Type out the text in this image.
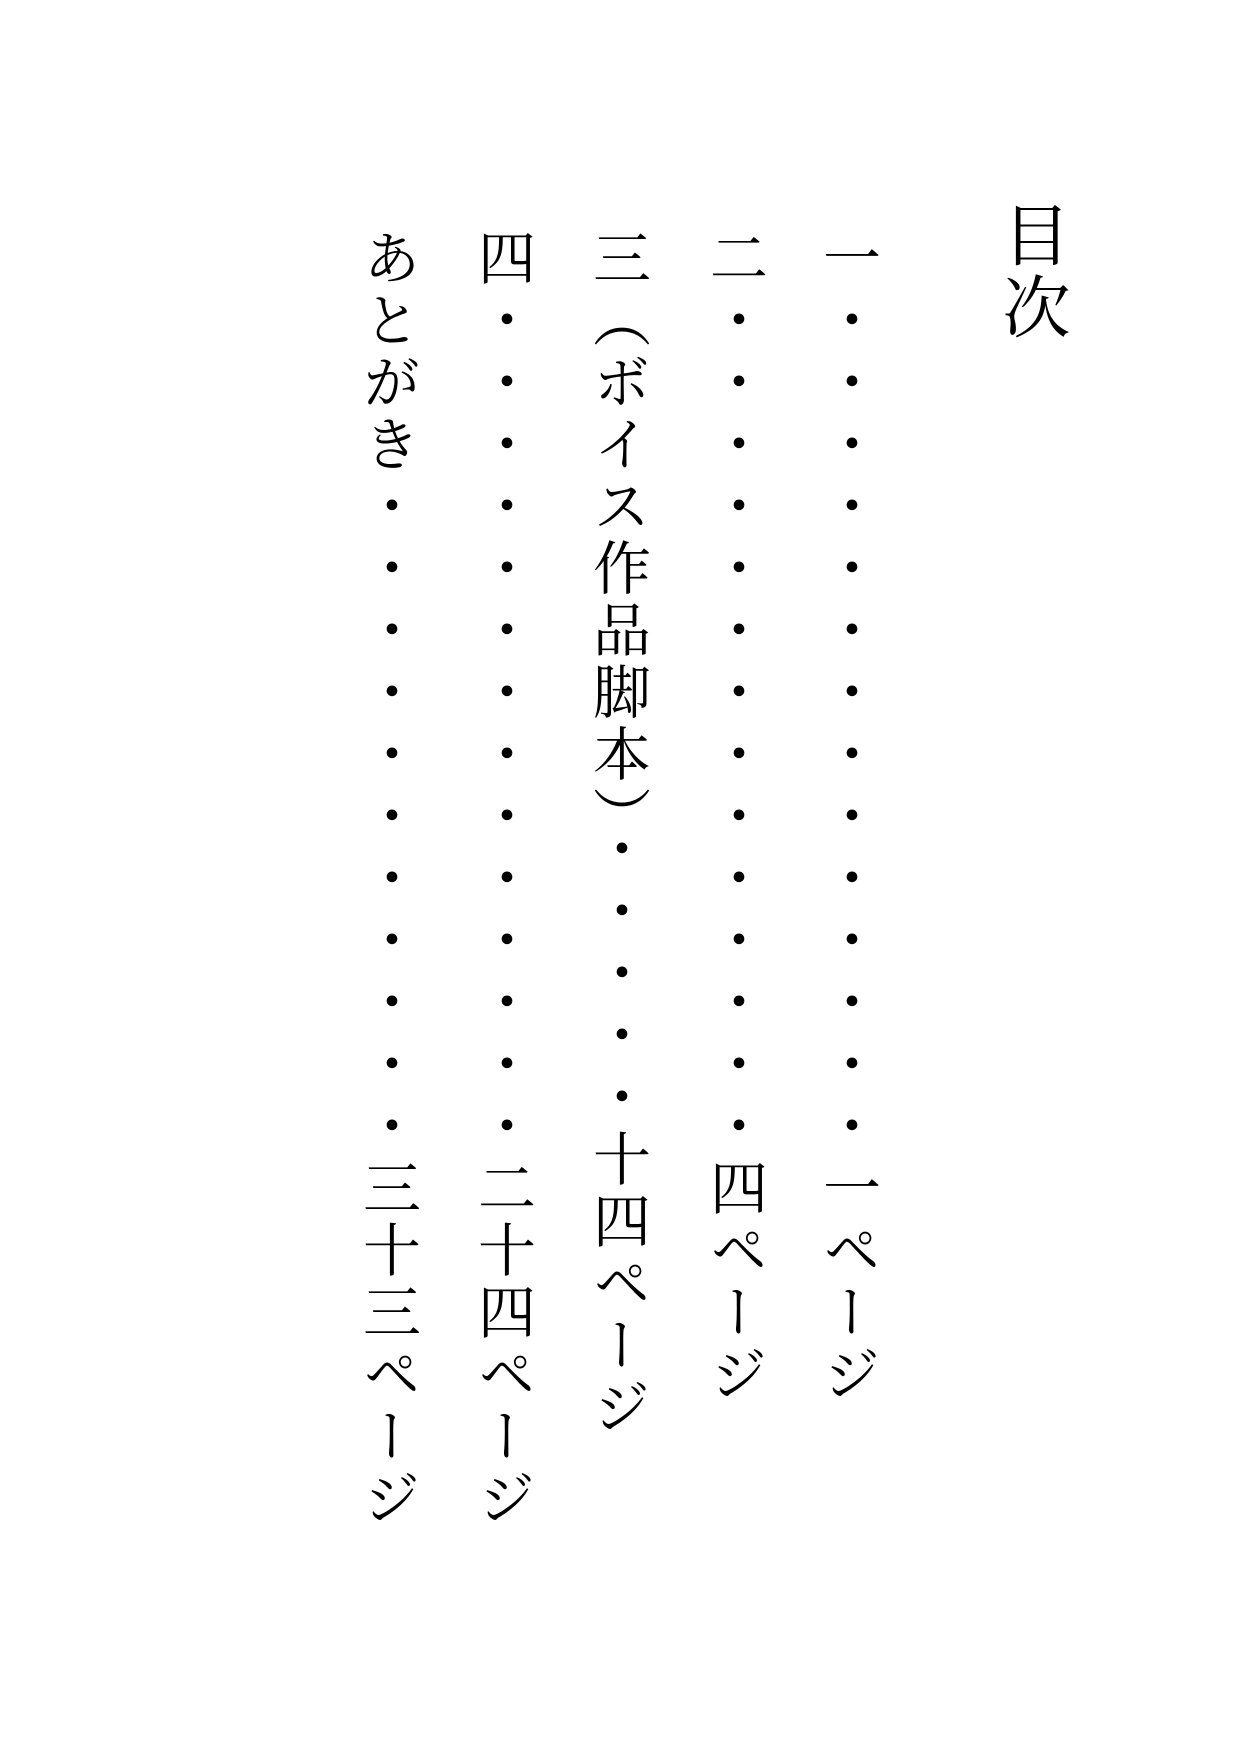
目次
一・・・・・・・・・・・・・・一ページ
二・・・・・・・・・・・・・・四ページ
三（ボイス作品脚本）・・・・・十四ページ
四・・・・・・・・・・・・・・二十四ページ
あとがき・・・・・・・・・・・三十三ページ
